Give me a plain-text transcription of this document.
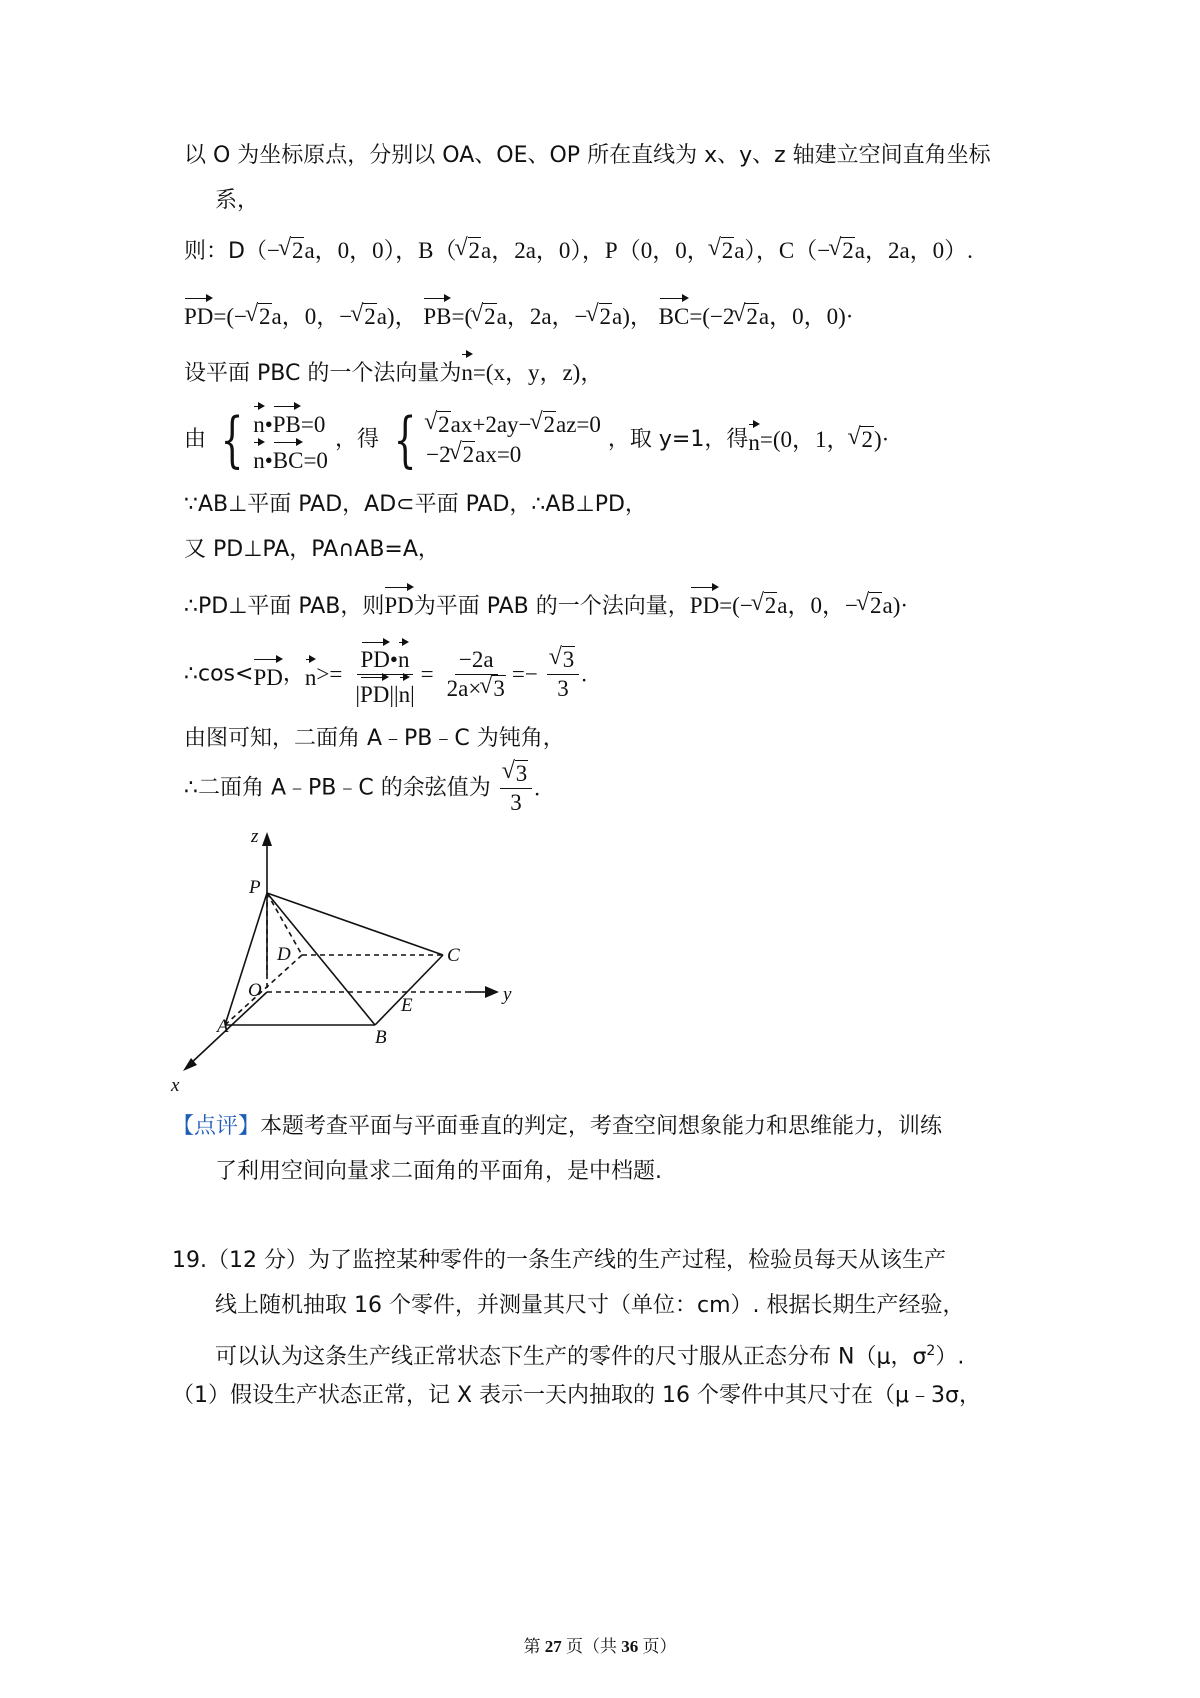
以 O 为坐标原点，分别以 OA、OE、OP 所在直线为 x、y、z 轴建立空间直角坐标
系，
则：D（− √ 2a，0，0），B（ √ 2a，2a，0），P（0，0， √ 2a），C（− √ 2a，2a，0）.
PD=(− √ 2a，0，− √ 2a)， PB=( √ 2a，2a，− √ 2a)， BC=(−2 √ 2a，0，0)·
设平面 PBC 的一个法向量为n=(x，y，z)，
由 { n•PB=0
n•BC=0
，得 { √ 2ax+2ay− √ 2az=0
−2 √ 2ax=0
，取 y=1，得n=(0，1， √ 2)·
∵AB⊥平面 PAD，AD⊂平面 PAD，∴AB⊥PD，
又 PD⊥PA，PA∩AB=A，
∴PD⊥平面 PAB，则PD为平面 PAB 的一个法向量，PD=(− √ 2a，0，− √ 2a)·
∴cos<PD，$n>= \frac{PD•n}{|PD||n|} = \frac{-2a}{2a\times √ 3}$ =− √ $\frac{3}{3}$ .
由图可知，二面角 A﹣PB﹣C 为钝角，
∴二面角 A﹣PB﹣C 的余弦值为 √ $\frac{3}{3}$ .
z
P
D	C
O	y
E
A
B
x
【点评】本题考查平面与平面垂直的判定，考查空间想象能力和思维能力，训练
了利用空间向量求二面角的平面角，是中档题.
19.（12 分）为了监控某种零件的一条生产线的生产过程，检验员每天从该生产
线上随机抽取 16 个零件，并测量其尺寸（单位：cm）. 根据长期生产经验，
可以认为这条生产线正常状态下生产的零件的尺寸服从正态分布 N（μ，$\sigma^2$）.
（1）假设生产状态正常，记 X 表示一天内抽取的 16 个零件中其尺寸在（μ﹣3σ，
第 27 页（共 36 页）
